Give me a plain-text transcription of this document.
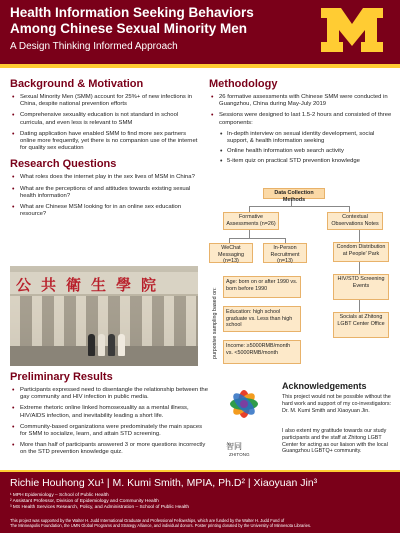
Health Information Seeking Behaviors
Among Chinese Sexual Minority Men
A Design Thinking Informed Approach
Background & Motivation
• Sexual Minority Men (SMM) account for 25%+ of new infections in China, despite national prevention efforts
• Comprehensive sexuality education is not standard in school curricula, and even less is relevant to SMM
• Dating application have enabled SMM to find more sex partners online more frequently, yet there is no companion use of the internet for quality sex education
Research Questions
• What roles does the internet play in the sex lives of MSM in China?
• What are the perceptions of and attitudes towards existing sexual health information?
• What are Chinese MSM looking for in an online sex education resource?
公共衛生學院
Methodology
• 26 formative assessments with Chinese SMM were conducted in Guangzhou, China during May-July 2019
• Sessions were designed to last 1.5-2 hours and consisted of three components:
• In-depth interview on sexual identity development, social support, & health information seeking
• Online health information web search activity
• 5-item quiz on practical STD prevention knowledge
Data Collection Methods
Formative Assessments (n=26)
Contextual Observations Notes
WeChat Messaging (n=13)
In-Person Recruitment (n=13)
Condom Distribution at People' Park
Age: born on or after 1990 vs. born before 1990
HIV/STD Screening Events
Education: high school graduate vs. Less than high school
Socials at Zhitong LGBT Center Office
Income: ≥5000RMB/month vs. <5000RMB/month
purposive sampling based on:
Preliminary Results
• Participants expressed need to disentangle the relationship between the gay community and HIV infection in public media.
• Extreme rhetoric online linked homosexuality as a mental illness, HIV/AIDS infection, and inevitability leading a short life.
• Community-based organizations were predominately the main spaces for SMM to socialize, learn, and attain STD screening.
• More than half of participants answered 3 or more questions incorrectly on the STD prevention knowledge quiz.
智同
ZHITONG
Acknowledgements
This project would not be possible without the hard work and support of my co-investigators: Dr. M. Kumi Smith and Xiaoyuan Jin.
I also extent my gratitude towards our study participants and the staff at Zhitong LGBT Center for acting as our liaison with the local Guangzhou LGBTQ+ community.
Richie Houhong Xu¹ | M. Kumi Smith, MPIA, Ph.D² | Xiaoyuan Jin³
¹ MPH Epidemiology – School of Public Health
² Assistant Professor, Division of Epidemiology and Community Health
³ MS Health Services Research, Policy, and Administration – School of Public Health
This project was supported by the Walter H. Judd International Graduate and Professional Fellowships, which are funded by the Walter H. Judd Fund of
The Minneapolis Foundation, the UMN Global Programs and Strategy Alliance, and individual donors. Poster printing donated by the University of Minnesota Libraries.
